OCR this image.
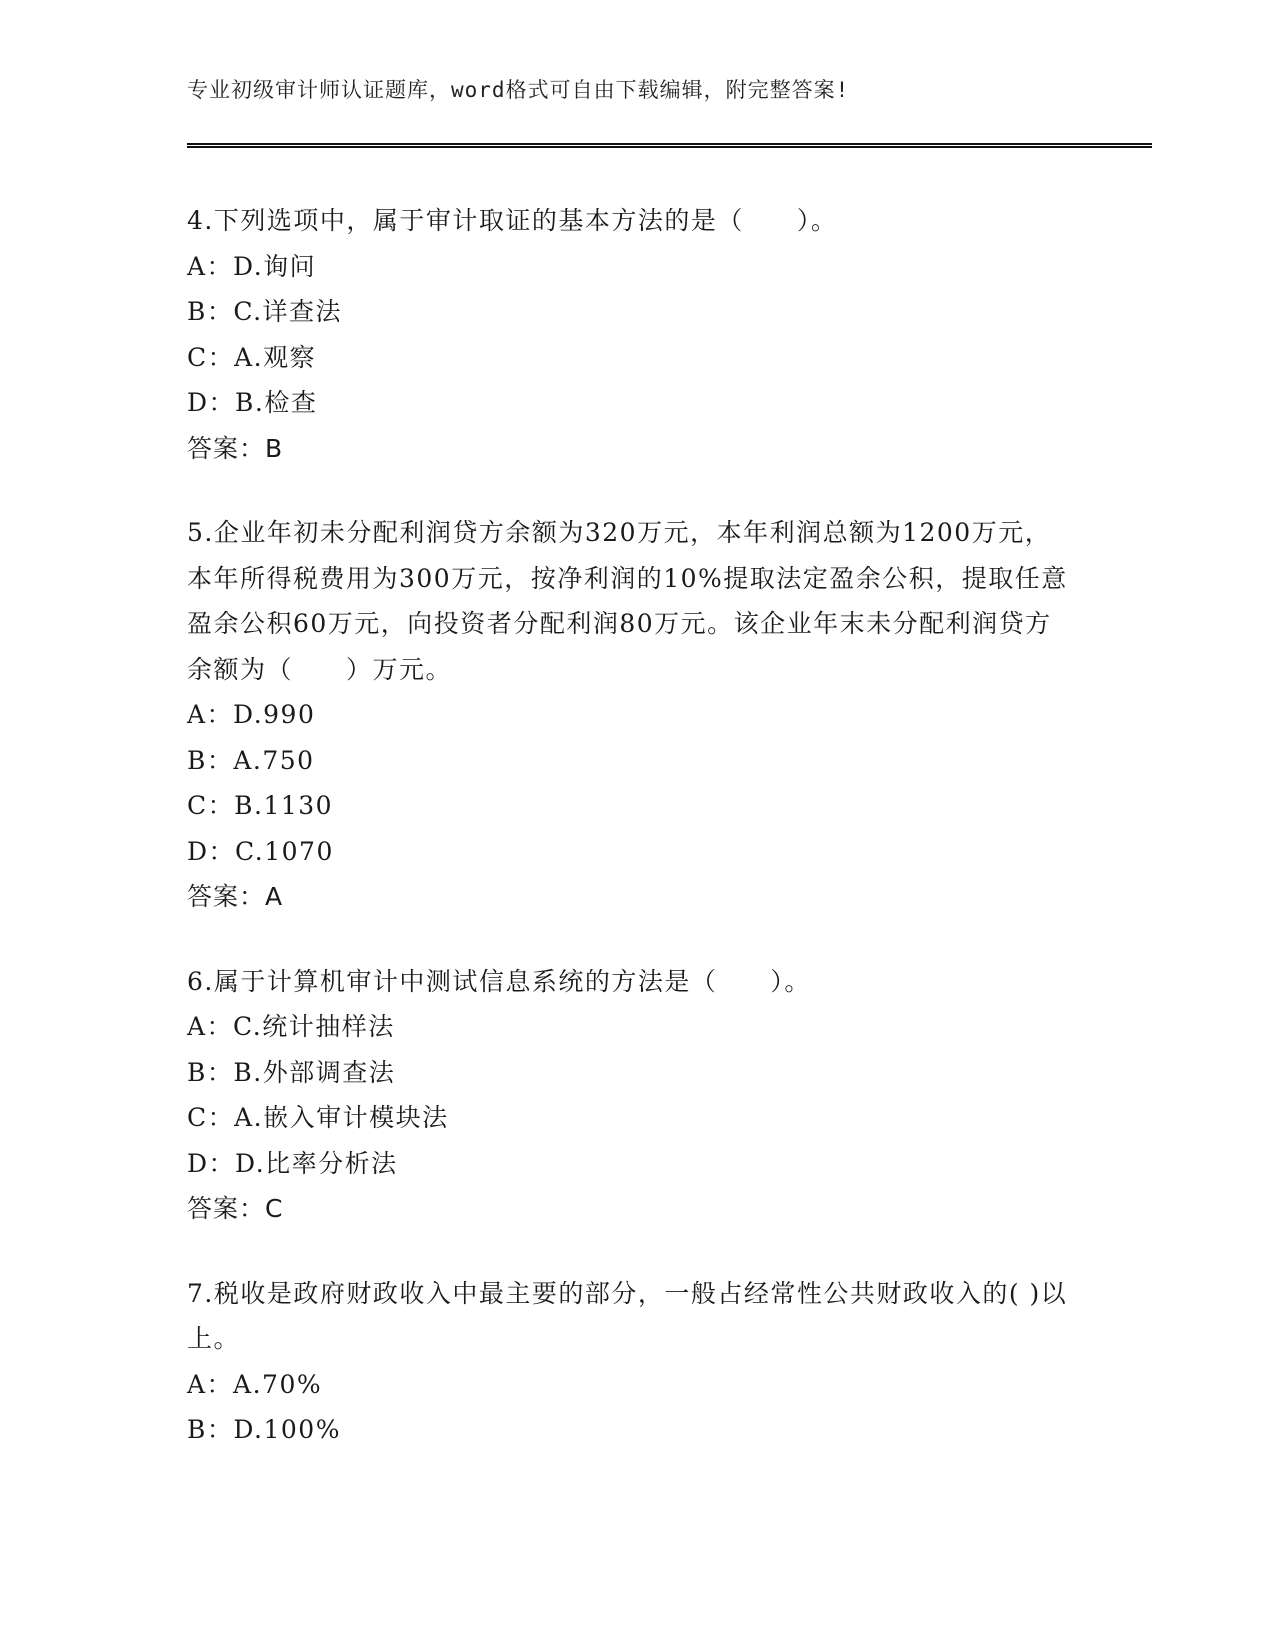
专业初级审计师认证题库，word格式可自由下载编辑，附完整答案!

4.下列选项中，属于审计取证的基本方法的是（　　）。

A：D.询问

B：C.详查法

C：A.观察

D：B.检查

答案：B

5.企业年初未分配利润贷方余额为320万元，本年利润总额为1200万元，本年所得税费用为300万元，按净利润的10%提取法定盈余公积，提取任意盈余公积60万元，向投资者分配利润80万元。该企业年末未分配利润贷方余额为（　　）万元。

A：D.990

B：A.750

C：B.1130

D：C.1070

答案：A

6.属于计算机审计中测试信息系统的方法是（　　）。

A：C.统计抽样法

B：B.外部调查法

C：A.嵌入审计模块法

D：D.比率分析法

答案：C

7.税收是政府财政收入中最主要的部分，一般占经常性公共财政收入的( )以上。

A：A.70%

B：D.100%
